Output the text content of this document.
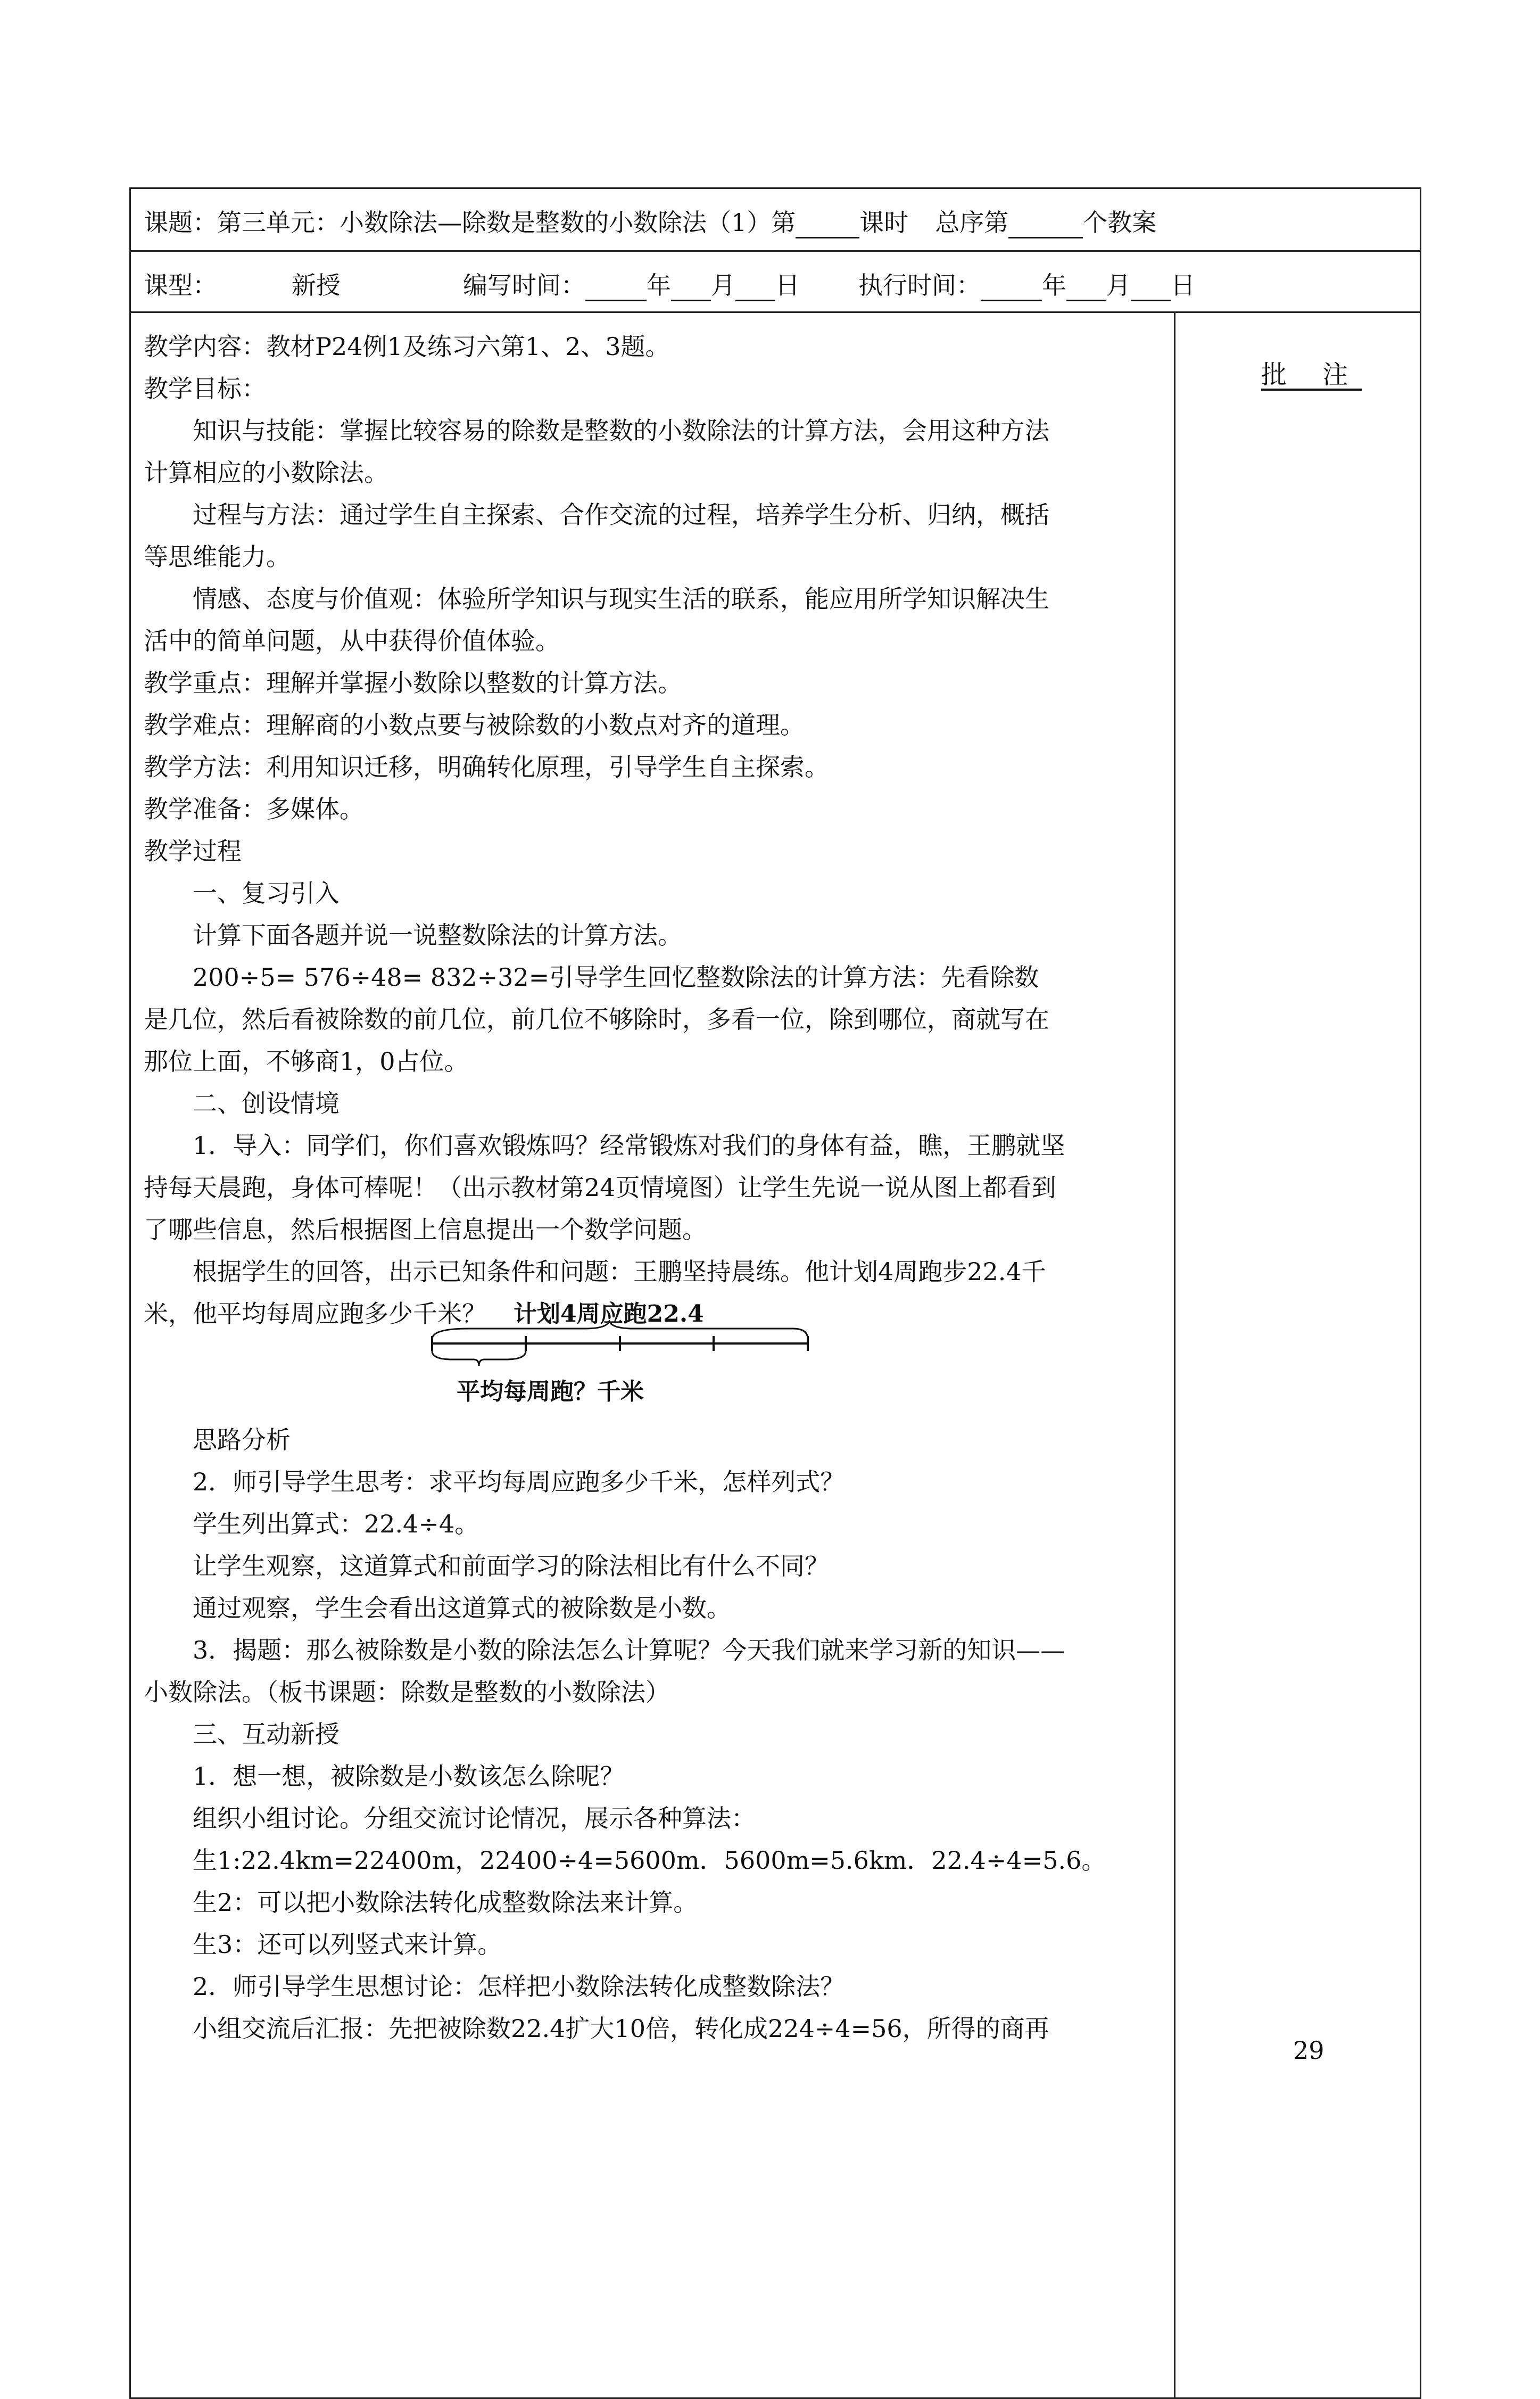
课题：第三单元：小数除法—除数是整数的小数除法（1）第	课时 总序第	个教案
课型：	新授	编写时间：	年 月 日 执行时间：	年 月 日
批 注

教学内容：教材P24例1及练习六第1、2、3题。

教学目标：

知识与技能：掌握比较容易的除数是整数的小数除法的计算方法，会用这种方法

计算相应的小数除法。

过程与方法：通过学生自主探索、合作交流的过程，培养学生分析、归纳，概括

等思维能力。

情感、态度与价值观：体验所学知识与现实生活的联系，能应用所学知识解决生

活中的简单问题，从中获得价值体验。

教学重点：理解并掌握小数除以整数的计算方法。

教学难点：理解商的小数点要与被除数的小数点对齐的道理。

教学方法：利用知识迁移，明确转化原理，引导学生自主探索。

教学准备：多媒体。

教学过程

一、复习引入

计算下面各题并说一说整数除法的计算方法。

200÷5= 576÷48= 832÷32=引导学生回忆整数除法的计算方法：先看除数

是几位，然后看被除数的前几位，前几位不够除时，多看一位，除到哪位，商就写在

那位上面，不够商1，0占位。

二、创设情境

1．导入：同学们，你们喜欢锻炼吗？经常锻炼对我们的身体有益，瞧，王鹏就坚

持每天晨跑，身体可棒呢！（出示教材第24页情境图）让学生先说一说从图上都看到

了哪些信息，然后根据图上信息提出一个数学问题。

根据学生的回答，出示已知条件和问题：王鹏坚持晨练。他计划4周跑步22.4千

米，他平均每周应跑多少千米？

思路分析

2．师引导学生思考：求平均每周应跑多少千米，怎样列式？

学生列出算式：22.4÷4。

让学生观察，这道算式和前面学习的除法相比有什么不同？

通过观察，学生会看出这道算式的被除数是小数。

3．揭题：那么被除数是小数的除法怎么计算呢？今天我们就来学习新的知识——

小数除法。（板书课题：除数是整数的小数除法）

三、互动新授

1．想一想，被除数是小数该怎么除呢？

组织小组讨论。分组交流讨论情况，展示各种算法：

生1:22.4km=22400m，22400÷4=5600m．5600m=5.6km．22.4÷4=5.6。

生2：可以把小数除法转化成整数除法来计算。

生3：还可以列竖式来计算。

2．师引导学生思想讨论：怎样把小数除法转化成整数除法？

小组交流后汇报：先把被除数22.4扩大10倍，转化成224÷4=56，所得的商再

计划4周应跑22.4
平均每周跑？千米
29
